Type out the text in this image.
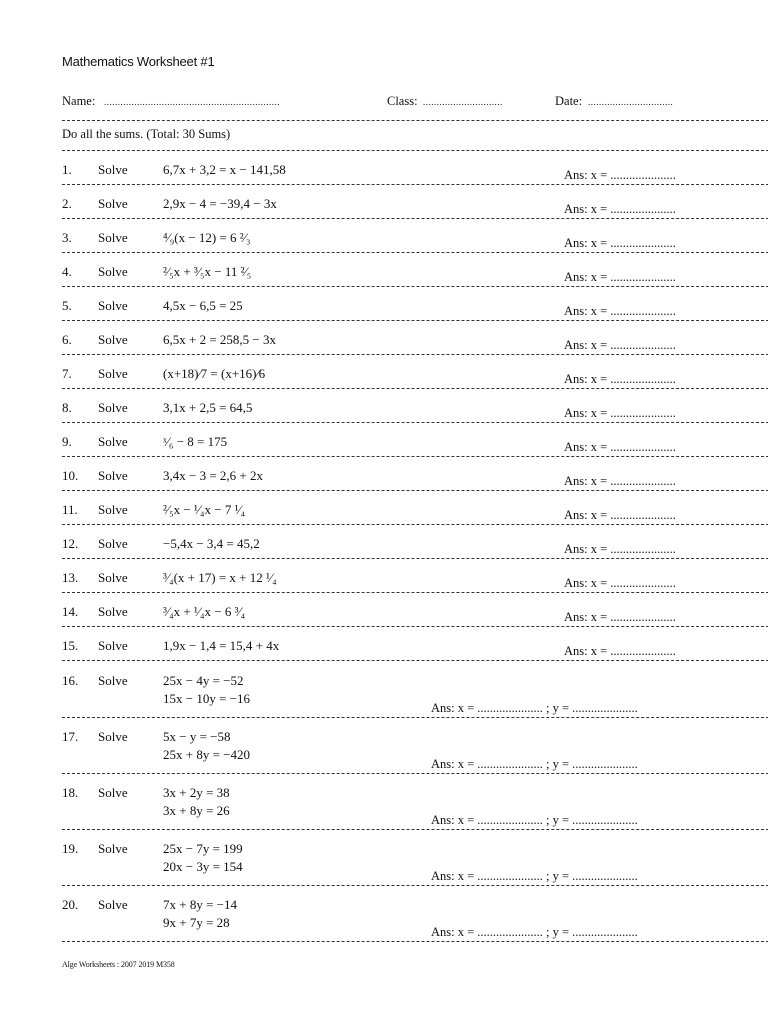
Mathematics Worksheet #1
Name: ................................................................	Class: .............................	Date: ...............................
Do all the sums. (Total: 30 Sums)
1. Solve	6,7x + 3,2 = x − 141,58	Ans: x = .....................
2. Solve	2,9x − 4 = −39,4 − 3x	Ans: x = .....................
3. Solve	⁴⁄₉(x − 12) = 6 ²⁄₃	Ans: x = .....................
4. Solve	²⁄₅x + ³⁄₅x − 11 ²⁄₅	Ans: x = .....................
5. Solve	4,5x − 6,5 = 25	Ans: x = .....................
6. Solve	6,5x + 2 = 258,5 − 3x	Ans: x = .....................
7. Solve	(x+18)⁄7 = (x+16)⁄6	Ans: x = .....................
8. Solve	3,1x + 2,5 = 64,5	Ans: x = .....................
9. Solve	ˣ⁄₆ − 8 = 175	Ans: x = .....................
10. Solve	3,4x − 3 = 2,6 + 2x	Ans: x = .....................
11. Solve	²⁄₅x − ¹⁄₄x − 7 ¹⁄₄	Ans: x = .....................
12. Solve	−5,4x − 3,4 = 45,2	Ans: x = .....................
13. Solve	³⁄₄(x + 17) = x + 12 ¹⁄₄	Ans: x = .....................
14. Solve	³⁄₄x + ¹⁄₄x − 6 ³⁄₄	Ans: x = .....................
15. Solve	1,9x − 1,4 = 15,4 + 4x	Ans: x = .....................
16. Solve	25x − 4y = −52
15x − 10y = −16
Ans: x = ..................... ; y = .....................
17. Solve	5x − y = −58
25x + 8y = −420
Ans: x = ..................... ; y = .....................
18. Solve	3x + 2y = 38
3x + 8y = 26
Ans: x = ..................... ; y = .....................
19. Solve	25x − 7y = 199
20x − 3y = 154
Ans: x = ..................... ; y = .....................
20. Solve	7x + 8y = −14
9x + 7y = 28
Ans: x = ..................... ; y = .....................
Alge Worksheets : 2007 2019 M358
